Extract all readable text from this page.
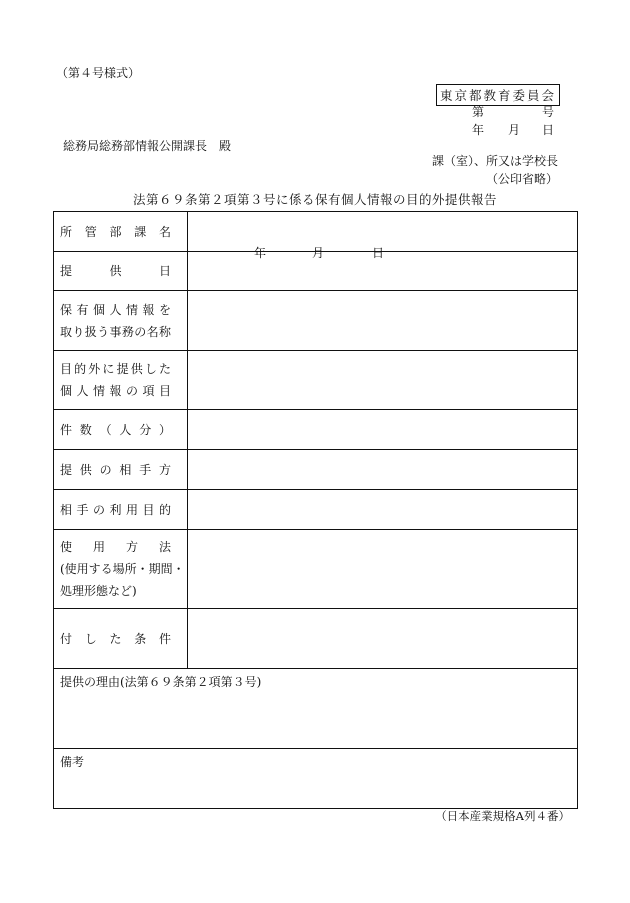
（第４号様式）
東京都教育委員会
第	号
年 月 日
総務局総務部情報公開課長　殿
課（室）、所又は学校長
（公印省略）
法第６９条第２項第３号に係る保有個人情報の目的外提供報告
所管部課名	

提供日	年 月 日

保有個人情報を
取り扱う事務の名称	

目的外に提供した
個人情報の項目	

件数（人分）	

提供の相手方	

相手の利用目的	

使用方法
(使用する場所・期間・
処理形態など)	

付した条件	

提供の理由(法第６９条第２項第３号)	
備考	
（日本産業規格A列４番）
